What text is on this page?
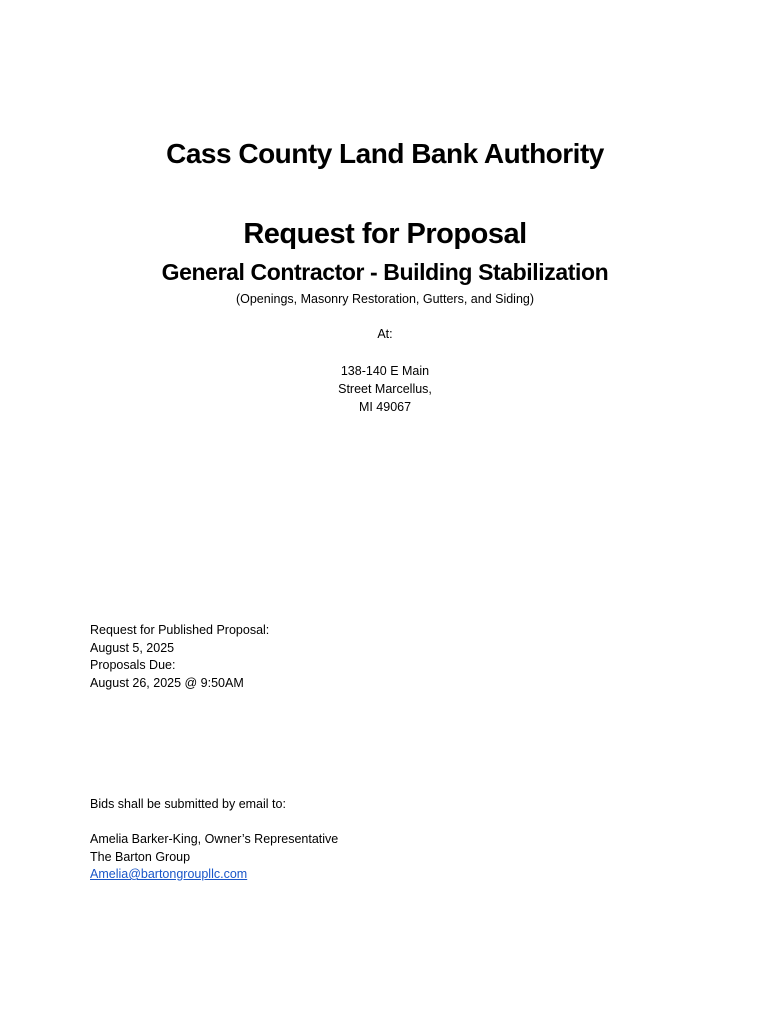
Cass County Land Bank Authority
Request for Proposal
General Contractor - Building Stabilization
(Openings, Masonry Restoration, Gutters, and Siding)
At:
138-140 E Main
Street Marcellus,
MI 49067
Request for Published Proposal:
August 5, 2025
Proposals Due:
August 26, 2025 @ 9:50AM
Bids shall be submitted by email to:
Amelia Barker-King, Owner’s Representative
The Barton Group
Amelia@bartongroupllc.com
